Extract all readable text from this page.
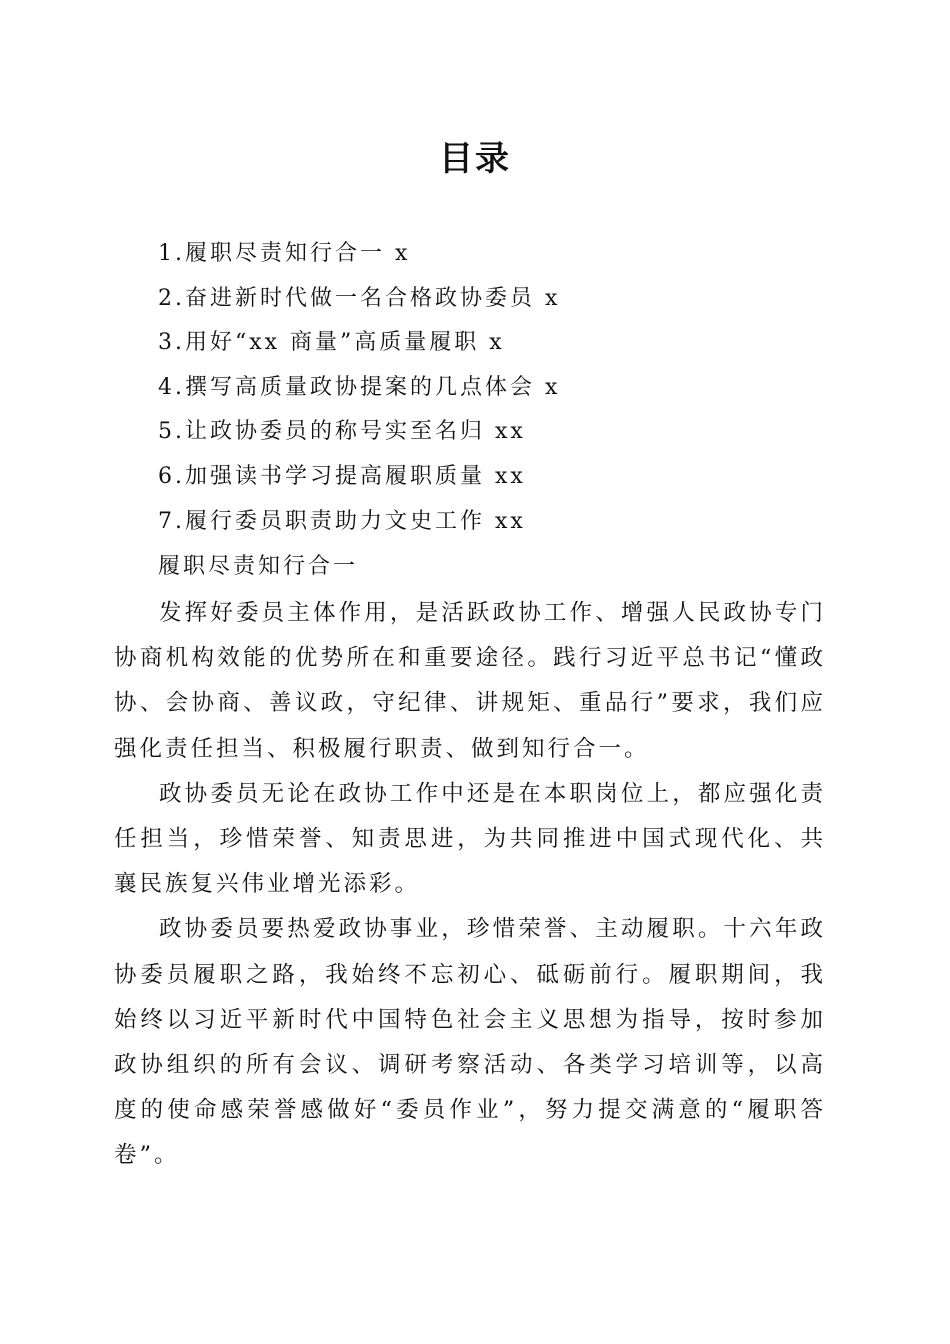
目录
1.履职尽责知行合一 x
2.奋进新时代做一名合格政协委员 x
3.用好“xx 商量”高质量履职 x
4.撰写高质量政协提案的几点体会 x
5.让政协委员的称号实至名归 xx
6.加强读书学习提高履职质量 xx
7.履行委员职责助力文史工作 xx
履职尽责知行合一

发挥好委员主体作用，是活跃政协工作、增强人民政协专门协商机构效能的优势所在和重要途径。践行习近平总书记“懂政协、会协商、善议政，守纪律、讲规矩、重品行”要求，我们应强化责任担当、积极履行职责、做到知行合一。

政协委员无论在政协工作中还是在本职岗位上，都应强化责任担当，珍惜荣誉、知责思进，为共同推进中国式现代化、共襄民族复兴伟业增光添彩。

政协委员要热爱政协事业，珍惜荣誉、主动履职。十六年政协委员履职之路，我始终不忘初心、砥砺前行。履职期间，我始终以习近平新时代中国特色社会主义思想为指导，按时参加政协组织的所有会议、调研考察活动、各类学习培训等，以高度的使命感荣誉感做好“委员作业”，努力提交满意的“履职答卷”。
